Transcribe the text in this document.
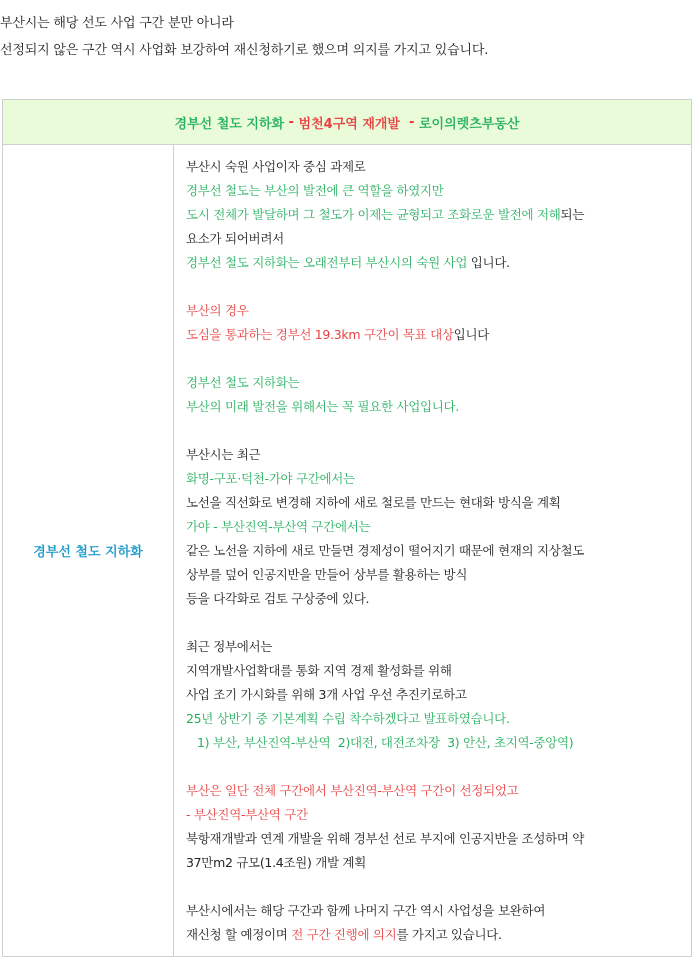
부산시는 해당 선도 사업 구간 분만 아니라

선정되지 않은 구간 역시 사업화 보강하여 재신청하기로 했으며 의지를 가지고 있습니다.

경부선 철도 지하화 - 범천4구역 재개발 - 로이의렛츠부동산
경부선 철도 지하화
부산시 숙원 사업이자 중심 과제로
경부선 철도는 부산의 발전에 큰 역할을 하였지만
도시 전체가 발달하며 그 철도가 이제는 균형되고 조화로운 발전에 저해되는
요소가 되어버려서
경부선 철도 지하화는 오래전부터 부산시의 숙원 사업 입니다.
부산의 경우
도심을 통과하는 경부선 19.3km 구간이 목표 대상입니다
경부선 철도 지하화는
부산의 미래 발전을 위해서는 꼭 필요한 사업입니다.
부산시는 최근
화명-구포·덕천-가야 구간에서는
노선을 직선화로 변경해 지하에 새로 철로를 만드는 현대화 방식을 계획
가야 - 부산진역-부산역 구간에서는
같은 노선을 지하에 새로 만들면 경제성이 떨어지기 때문에 현재의 지상철도
상부를 덮어 인공지반을 만들어 상부를 활용하는 방식
등을 다각화로 검토 구상중에 있다.
최근 정부에서는
지역개발사업확대를 통화 지역 경제 활성화를 위해
사업 조기 가시화를 위해 3개 사업 우선 추진키로하고
25년 상반기 중 기본계획 수립 착수하겠다고 발표하였습니다.
1) 부산, 부산진역-부산역  2)대전, 대전조차장  3) 안산, 초지역-중앙역)
부산은 일단 전체 구간에서 부산진역-부산역 구간이 선정되었고
- 부산진역-부산역 구간
북항재개발과 연계 개발을 위해 경부선 선로 부지에 인공지반을 조성하며 약
37만m2 규모(1.4조원) 개발 계획
부산시에서는 해당 구간과 함께 나머지 구간 역시 사업성을 보완하여
재신청 할 예정이며 전 구간 진행에 의지를 가지고 있습니다.
